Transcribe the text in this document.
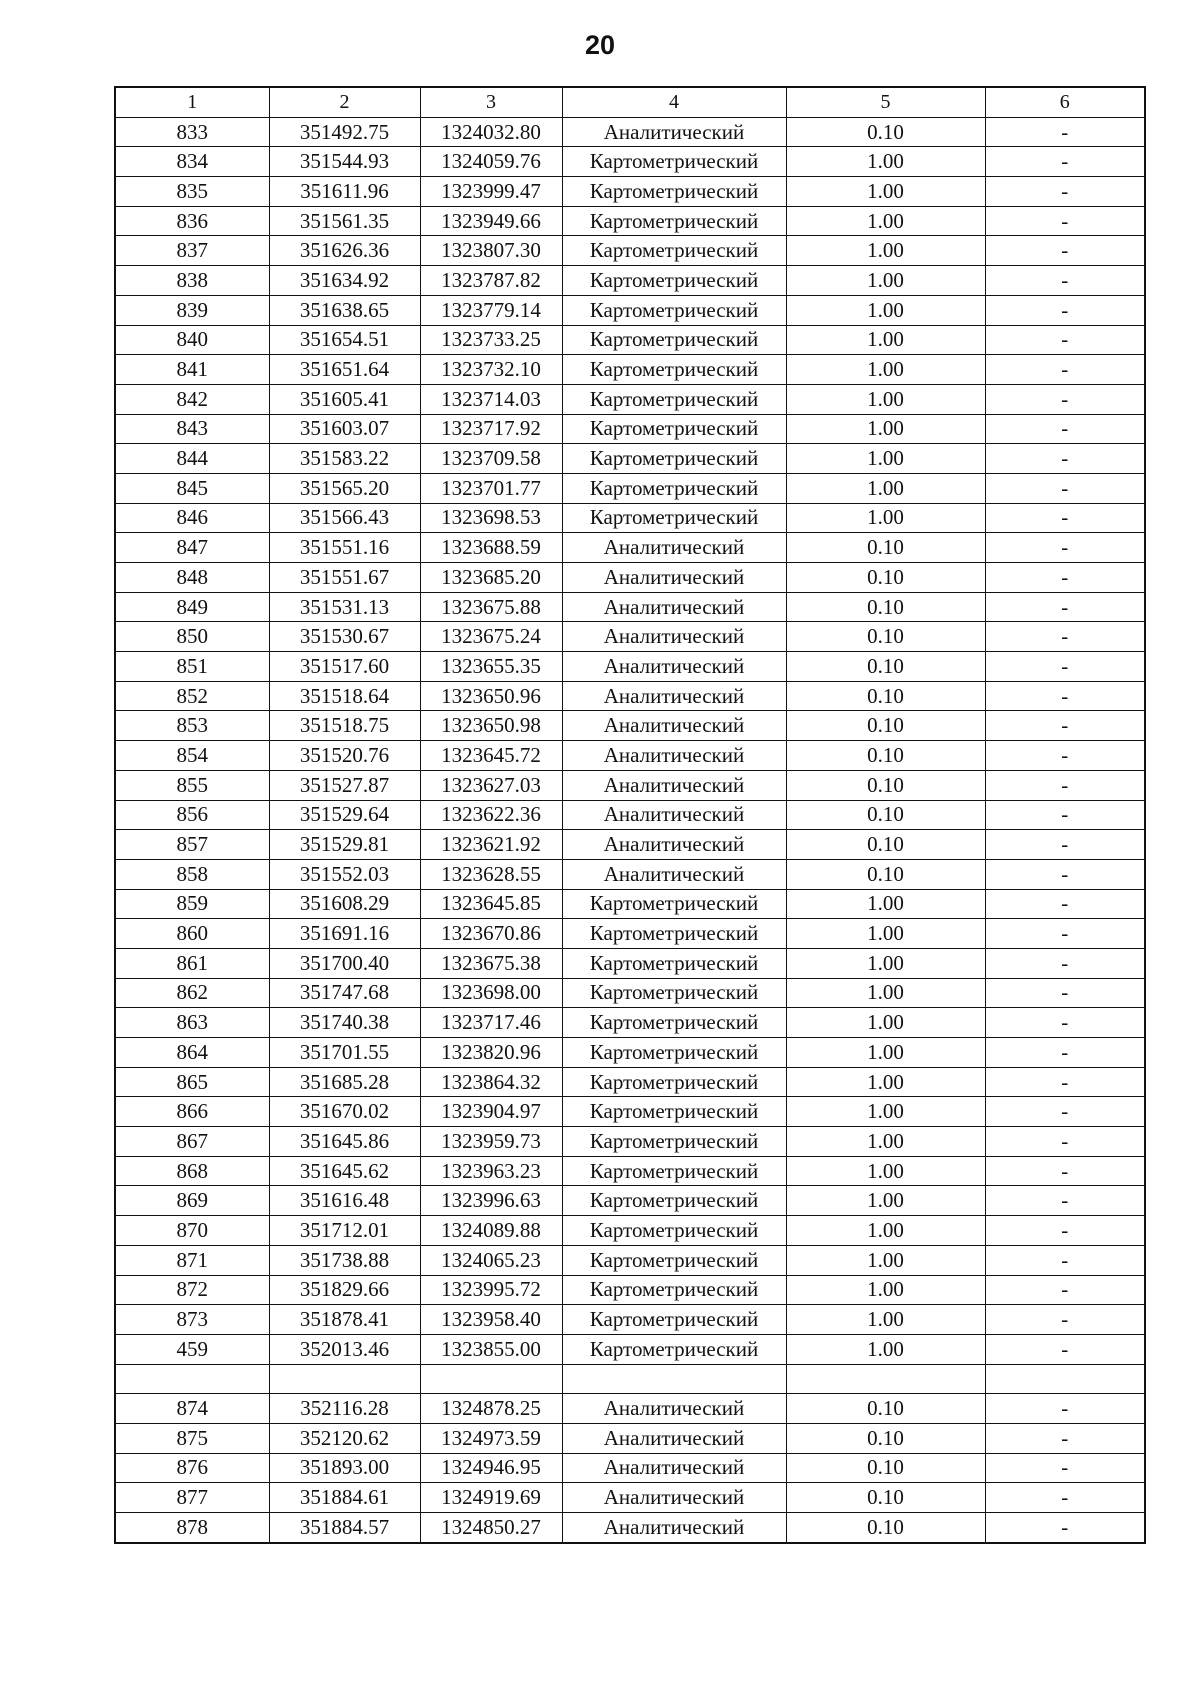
20
1	2	3	4	5	6
833	351492.75	1324032.80	Аналитический	0.10	-
834	351544.93	1324059.76	Картометрический	1.00	-
835	351611.96	1323999.47	Картометрический	1.00	-
836	351561.35	1323949.66	Картометрический	1.00	-
837	351626.36	1323807.30	Картометрический	1.00	-
838	351634.92	1323787.82	Картометрический	1.00	-
839	351638.65	1323779.14	Картометрический	1.00	-
840	351654.51	1323733.25	Картометрический	1.00	-
841	351651.64	1323732.10	Картометрический	1.00	-
842	351605.41	1323714.03	Картометрический	1.00	-
843	351603.07	1323717.92	Картометрический	1.00	-
844	351583.22	1323709.58	Картометрический	1.00	-
845	351565.20	1323701.77	Картометрический	1.00	-
846	351566.43	1323698.53	Картометрический	1.00	-
847	351551.16	1323688.59	Аналитический	0.10	-
848	351551.67	1323685.20	Аналитический	0.10	-
849	351531.13	1323675.88	Аналитический	0.10	-
850	351530.67	1323675.24	Аналитический	0.10	-
851	351517.60	1323655.35	Аналитический	0.10	-
852	351518.64	1323650.96	Аналитический	0.10	-
853	351518.75	1323650.98	Аналитический	0.10	-
854	351520.76	1323645.72	Аналитический	0.10	-
855	351527.87	1323627.03	Аналитический	0.10	-
856	351529.64	1323622.36	Аналитический	0.10	-
857	351529.81	1323621.92	Аналитический	0.10	-
858	351552.03	1323628.55	Аналитический	0.10	-
859	351608.29	1323645.85	Картометрический	1.00	-
860	351691.16	1323670.86	Картометрический	1.00	-
861	351700.40	1323675.38	Картометрический	1.00	-
862	351747.68	1323698.00	Картометрический	1.00	-
863	351740.38	1323717.46	Картометрический	1.00	-
864	351701.55	1323820.96	Картометрический	1.00	-
865	351685.28	1323864.32	Картометрический	1.00	-
866	351670.02	1323904.97	Картометрический	1.00	-
867	351645.86	1323959.73	Картометрический	1.00	-
868	351645.62	1323963.23	Картометрический	1.00	-
869	351616.48	1323996.63	Картометрический	1.00	-
870	351712.01	1324089.88	Картометрический	1.00	-
871	351738.88	1324065.23	Картометрический	1.00	-
872	351829.66	1323995.72	Картометрический	1.00	-
873	351878.41	1323958.40	Картометрический	1.00	-
459	352013.46	1323855.00	Картометрический	1.00	-

874	352116.28	1324878.25	Аналитический	0.10	-
875	352120.62	1324973.59	Аналитический	0.10	-
876	351893.00	1324946.95	Аналитический	0.10	-
877	351884.61	1324919.69	Аналитический	0.10	-
878	351884.57	1324850.27	Аналитический	0.10	-
